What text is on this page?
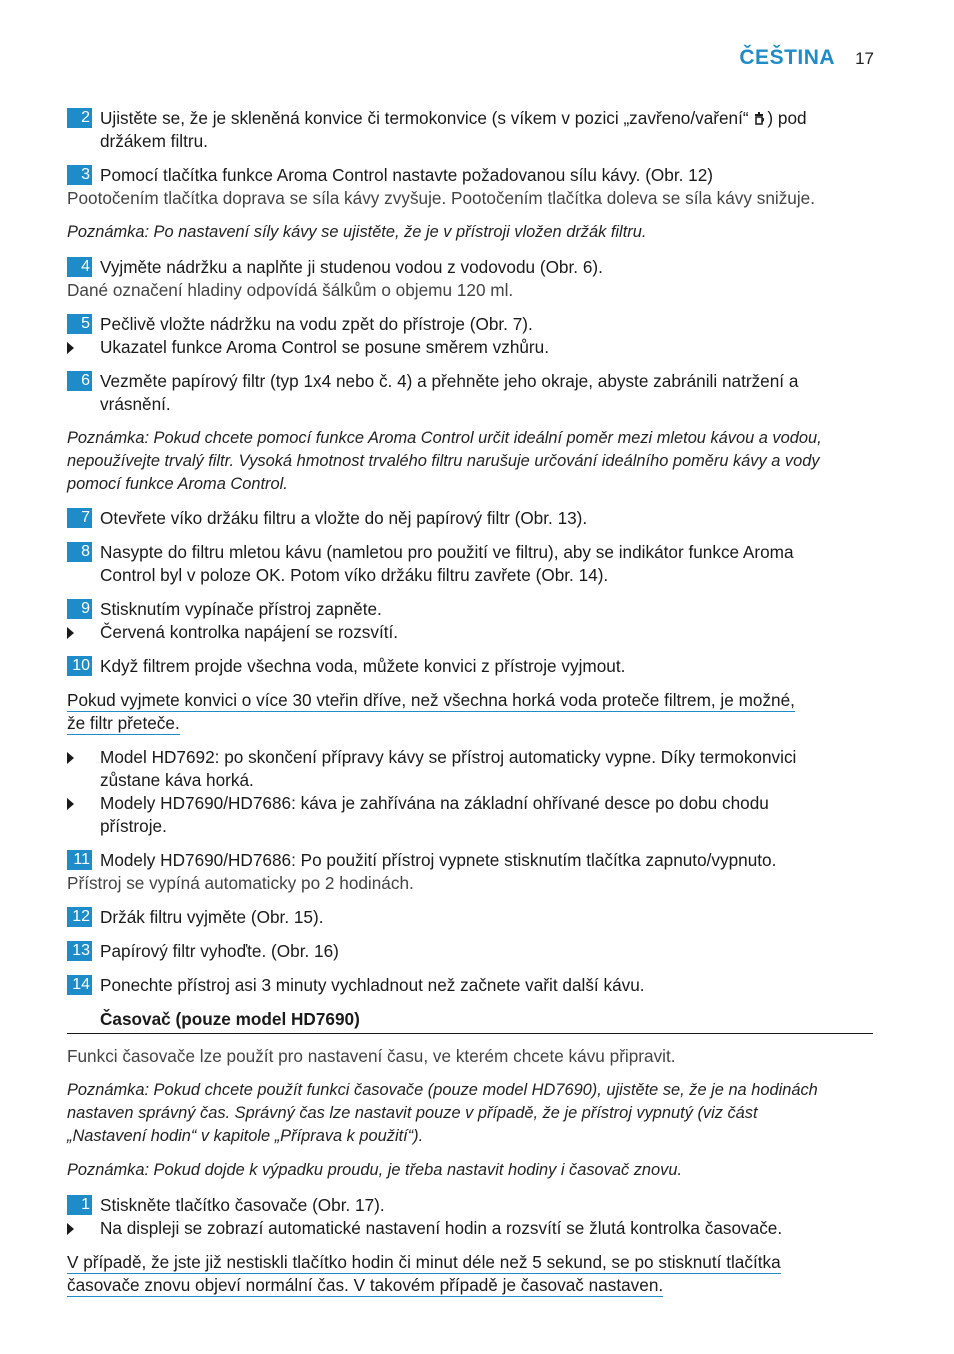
ČEŠTINA 17
2 Ujistěte se, že je skleněná konvice či termokonvice (s víkem v pozici „zavřeno/vaření“ ) pod
držákem filtru.
3 Pomocí tlačítka funkce Aroma Control nastavte požadovanou sílu kávy. (Obr. 12)
Pootočením tlačítka doprava se síla kávy zvyšuje. Pootočením tlačítka doleva se síla kávy snižuje.
Poznámka: Po nastavení síly kávy se ujistěte, že je v přístroji vložen držák filtru.
4 Vyjměte nádržku a naplňte ji studenou vodou z vodovodu (Obr. 6).
Dané označení hladiny odpovídá šálkům o objemu 120 ml.
5 Pečlivě vložte nádržku na vodu zpět do přístroje (Obr. 7).
Ukazatel funkce Aroma Control se posune směrem vzhůru.
6 Vezměte papírový filtr (typ 1x4 nebo č. 4) a přehněte jeho okraje, abyste zabránili natržení a
vrásnění.
Poznámka: Pokud chcete pomocí funkce Aroma Control určit ideální poměr mezi mletou kávou a vodou,
nepoužívejte trvalý filtr. Vysoká hmotnost trvalého filtru narušuje určování ideálního poměru kávy a vody
pomocí funkce Aroma Control.
7 Otevřete víko držáku filtru a vložte do něj papírový filtr (Obr. 13).
8 Nasypte do filtru mletou kávu (namletou pro použití ve filtru), aby se indikátor funkce Aroma
Control byl v poloze OK. Potom víko držáku filtru zavřete (Obr. 14).
9 Stisknutím vypínače přístroj zapněte.
Červená kontrolka napájení se rozsvítí.
10 Když filtrem projde všechna voda, můžete konvici z přístroje vyjmout.
Pokud vyjmete konvici o více 30 vteřin dříve, než všechna horká voda proteče filtrem, je možné,
že filtr přeteče.
Model HD7692: po skončení přípravy kávy se přístroj automaticky vypne. Díky termokonvici
zůstane káva horká.
Modely HD7690/HD7686: káva je zahřívána na základní ohřívané desce po dobu chodu
přístroje.
11 Modely HD7690/HD7686: Po použití přístroj vypnete stisknutím tlačítka zapnuto/vypnuto.
Přístroj se vypíná automaticky po 2 hodinách.
12 Držák filtru vyjměte (Obr. 15).
13 Papírový filtr vyhoďte. (Obr. 16)
14 Ponechte přístroj asi 3 minuty vychladnout než začnete vařit další kávu.
Časovač (pouze model HD7690)
Funkci časovače lze použít pro nastavení času, ve kterém chcete kávu připravit.
Poznámka: Pokud chcete použít funkci časovače (pouze model HD7690), ujistěte se, že je na hodinách
nastaven správný čas. Správný čas lze nastavit pouze v případě, že je přístroj vypnutý (viz část
„Nastavení hodin“ v kapitole „Příprava k použití“).
Poznámka: Pokud dojde k výpadku proudu, je třeba nastavit hodiny i časovač znovu.
1 Stiskněte tlačítko časovače (Obr. 17).
Na displeji se zobrazí automatické nastavení hodin a rozsvítí se žlutá kontrolka časovače.
V případě, že jste již nestiskli tlačítko hodin či minut déle než 5 sekund, se po stisknutí tlačítka
časovače znovu objeví normální čas. V takovém případě je časovač nastaven.
